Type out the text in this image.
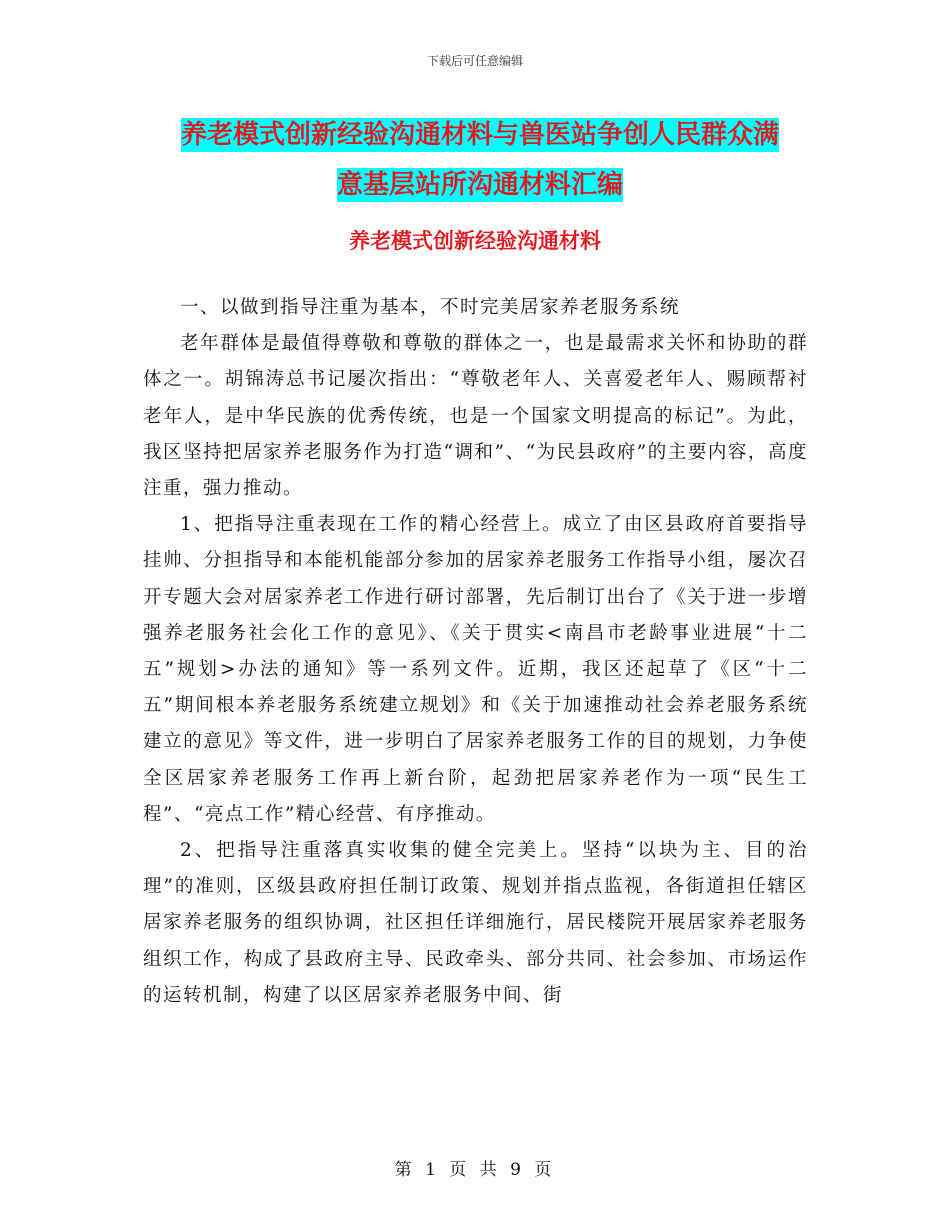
下载后可任意编辑
养老模式创新经验沟通材料与兽医站争创人民群众满
意基层站所沟通材料汇编
养老模式创新经验沟通材料

一、以做到指导注重为基本，不时完美居家养老服务系统

老年群体是最值得尊敬和尊敬的群体之一，也是最需求关怀和协助的群体之一。胡锦涛总书记屡次指出：“尊敬老年人、关喜爱老年人、赐顾帮衬老年人，是中华民族的优秀传统，也是一个国家文明提高的标记”。为此，我区坚持把居家养老服务作为打造“调和”、“为民县政府”的主要内容，高度注重，强力推动。

1、把指导注重表现在工作的精心经营上。成立了由区县政府首要指导挂帅、分担指导和本能机能部分参加的居家养老服务工作指导小组，屡次召开专题大会对居家养老工作进行研讨部署，先后制订出台了《关于进一步增强养老服务社会化工作的意见》、《关于贯实<南昌市老龄事业进展“十二五”规划>办法的通知》等一系列文件。近期，我区还起草了《区“十二五”期间根本养老服务系统建立规划》和《关于加速推动社会养老服务系统建立的意见》等文件，进一步明白了居家养老服务工作的目的规划，力争使全区居家养老服务工作再上新台阶，起劲把居家养老作为一项“民生工程”、“亮点工作”精心经营、有序推动。

2、把指导注重落真实收集的健全完美上。坚持“以块为主、目的治理”的准则，区级县政府担任制订政策、规划并指点监视，各街道担任辖区居家养老服务的组织协调，社区担任详细施行，居民楼院开展居家养老服务组织工作，构成了县政府主导、民政牵头、部分共同、社会参加、市场运作的运转机制，构建了以区居家养老服务中间、街

第 1 页 共 9 页
